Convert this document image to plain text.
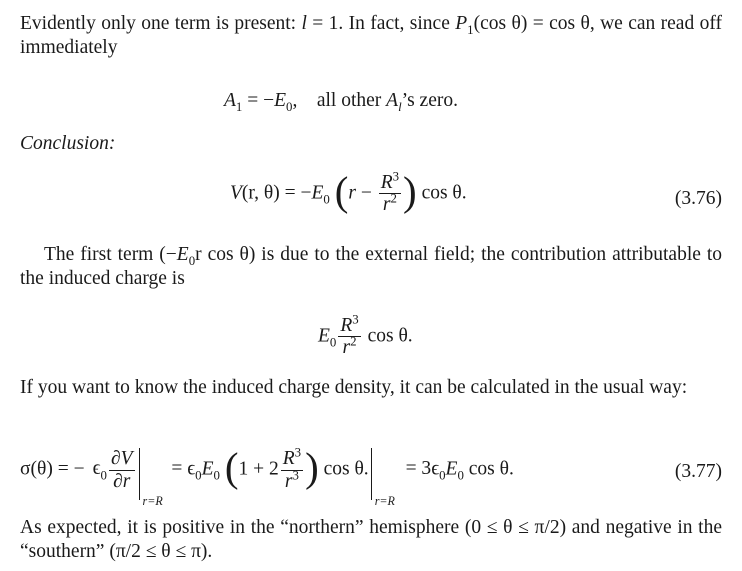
Evidently only one term is present: l = 1. In fact, since $P_1(\cos$ θ) = cos θ, we can read off immediately

$A_1 = -E_0$,    all other $A_l’s$ zero.
Conclusion:
V(r, $\theta) = -E_0$ ($r - \frac{R^3}{r^2}$ ) cos θ.	(3.76)

The first term ($-E_0r$ cos θ) is due to the external field; the contribution attributable to the induced charge is

$E_0 \frac{R^3}{r^2}$ cos θ.

If you want to know the induced charge density, it can be calculated in the usual way:

σ(θ) = − $\epsilon_0 \frac{\partial V}{\partial r}$
r=R
= $\epsilon_0E_0$ ($1 + 2 \frac{R^3}{r^3}$ ) cos θ.
r=R
= $3\epsilon_0E_0$ cos θ.	(3.77)

As expected, it is positive in the “northern” hemisphere (0 ≤ θ ≤ π/2) and negative in the “southern” (π/2 ≤ θ ≤ π).
